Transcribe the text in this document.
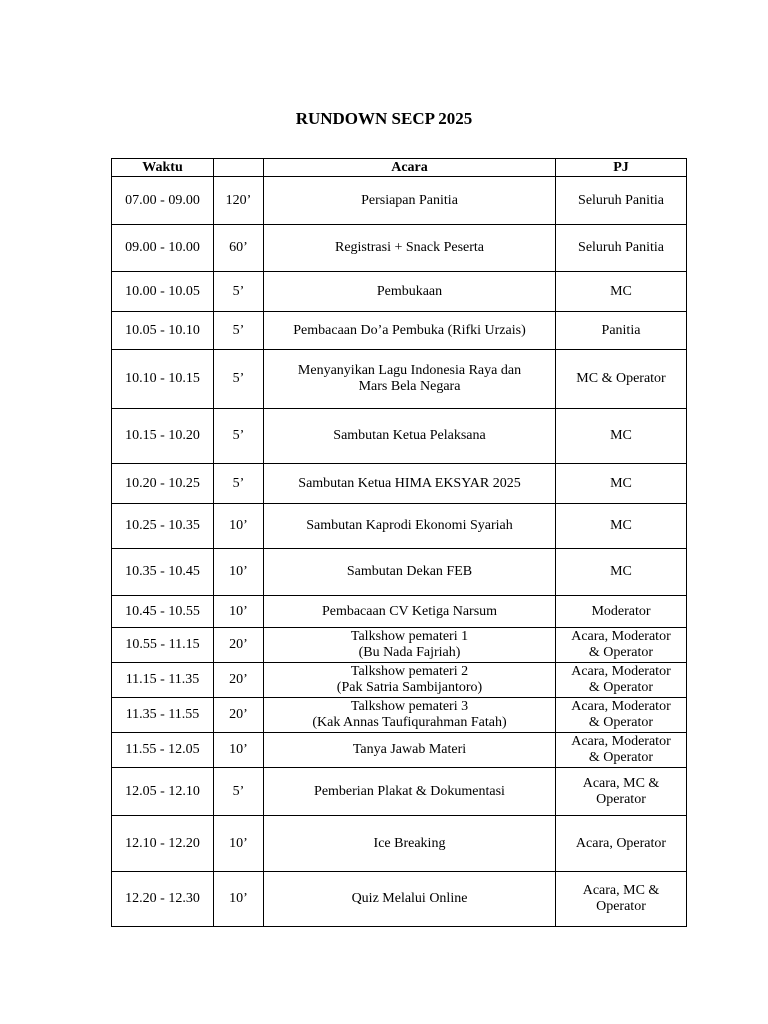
RUNDOWN SECP 2025
Waktu		Acara	PJ
07.00 - 09.00	120’	Persiapan Panitia	Seluruh Panitia
09.00 - 10.00	60’	Registrasi + Snack Peserta	Seluruh Panitia
10.00 - 10.05	5’	Pembukaan	MC
10.05 - 10.10	5’	Pembacaan Do’a Pembuka (Rifki Urzais)	Panitia
10.10 - 10.15	5’	Menyanyikan Lagu Indonesia Raya dan
Mars Bela Negara	MC & Operator
10.15 - 10.20	5’	Sambutan Ketua Pelaksana	MC
10.20 - 10.25	5’	Sambutan Ketua HIMA EKSYAR 2025	MC
10.25 - 10.35	10’	Sambutan Kaprodi Ekonomi Syariah	MC
10.35 - 10.45	10’	Sambutan Dekan FEB	MC
10.45 - 10.55	10’	Pembacaan CV Ketiga Narsum	Moderator
10.55 - 11.15	20’	Talkshow pemateri 1
(Bu Nada Fajriah)	Acara, Moderator
& Operator
11.15 - 11.35	20’	Talkshow pemateri 2
(Pak Satria Sambijantoro)	Acara, Moderator
& Operator
11.35 - 11.55	20’	Talkshow pemateri 3
(Kak Annas Taufiqurahman Fatah)	Acara, Moderator
& Operator
11.55 - 12.05	10’	Tanya Jawab Materi	Acara, Moderator
& Operator
12.05 - 12.10	5’	Pemberian Plakat & Dokumentasi	Acara, MC &
Operator
12.10 - 12.20	10’	Ice Breaking	Acara, Operator
12.20 - 12.30	10’	Quiz Melalui Online	Acara, MC &
Operator
